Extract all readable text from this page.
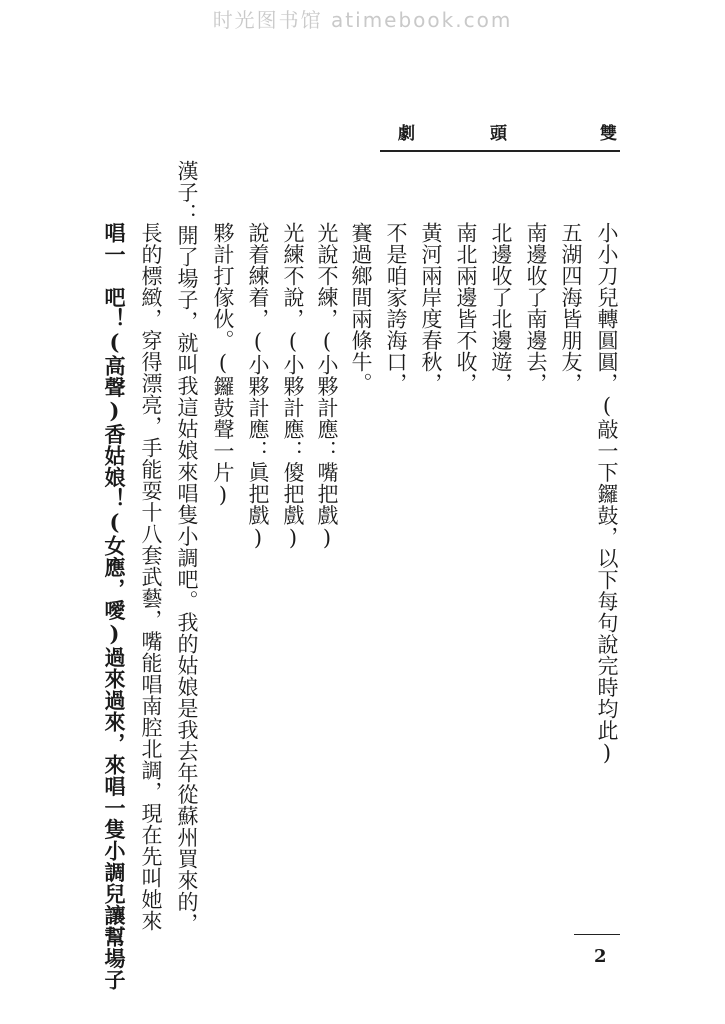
时光图书馆 atimebook.com
雙
頭
劇
小小刀兒轉圓圓，(敲一下鑼鼓，以下每句說完時均此)
五湖四海皆朋友，
南邊收了南邊去，
北邊收了北邊遊，
南北兩邊皆不收，
黃河兩岸度春秋，
不是咱家誇海口，
賽過鄉間兩條牛。
光說不練，(小夥計應：嘴把戲)
光練不說，(小夥計應：傻把戲)
說着練着，(小夥計應：眞把戲)
夥計打傢伙。(鑼鼓聲一片)
漢子：開了場子，就叫我這姑娘來唱隻小調吧。我的姑娘是我去年從蘇州買來的，
長的標緻，穿得漂亮，手能耍十八套武藝，嘴能唱南腔北調，現在先叫她來
唱一　吧！(高聲)香姑娘！(女應，噯)過來過來，來唱一隻小調兒讓幫場子	2
